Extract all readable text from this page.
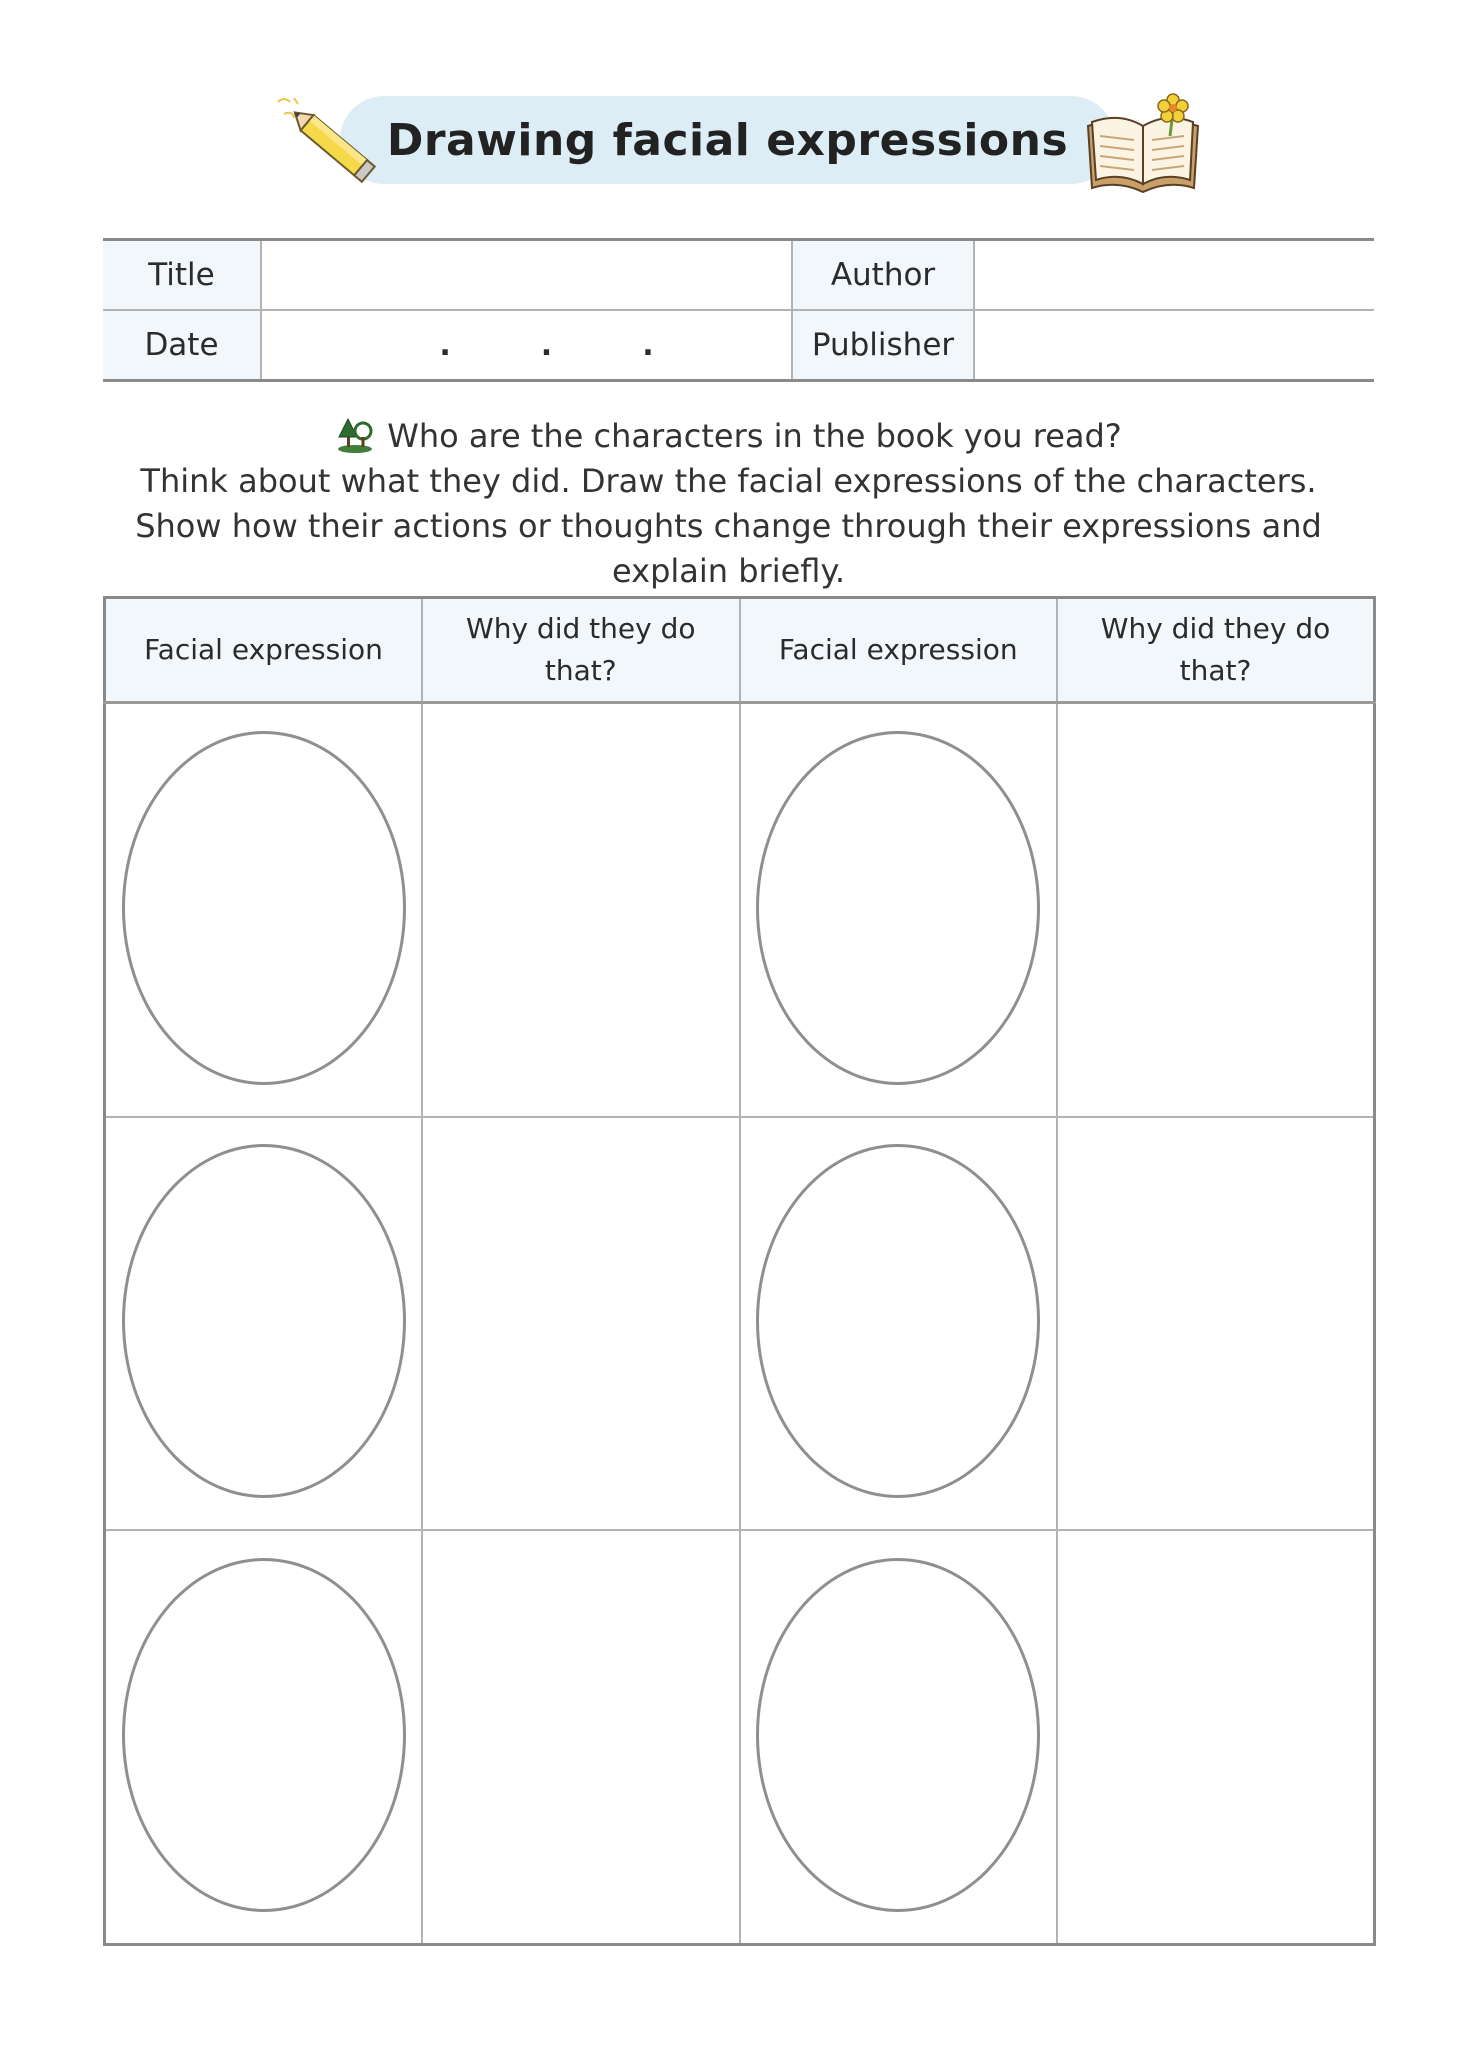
Drawing facial expressions
Title		Author	
Date	. . .	Publisher	
Who are the characters in the book you read?
Think about what they did. Draw the facial expressions of the characters. Show how their actions or thoughts change through their expressions and explain briefly.
Facial expression	Why did they do that?	Facial expression	Why did they do that?
